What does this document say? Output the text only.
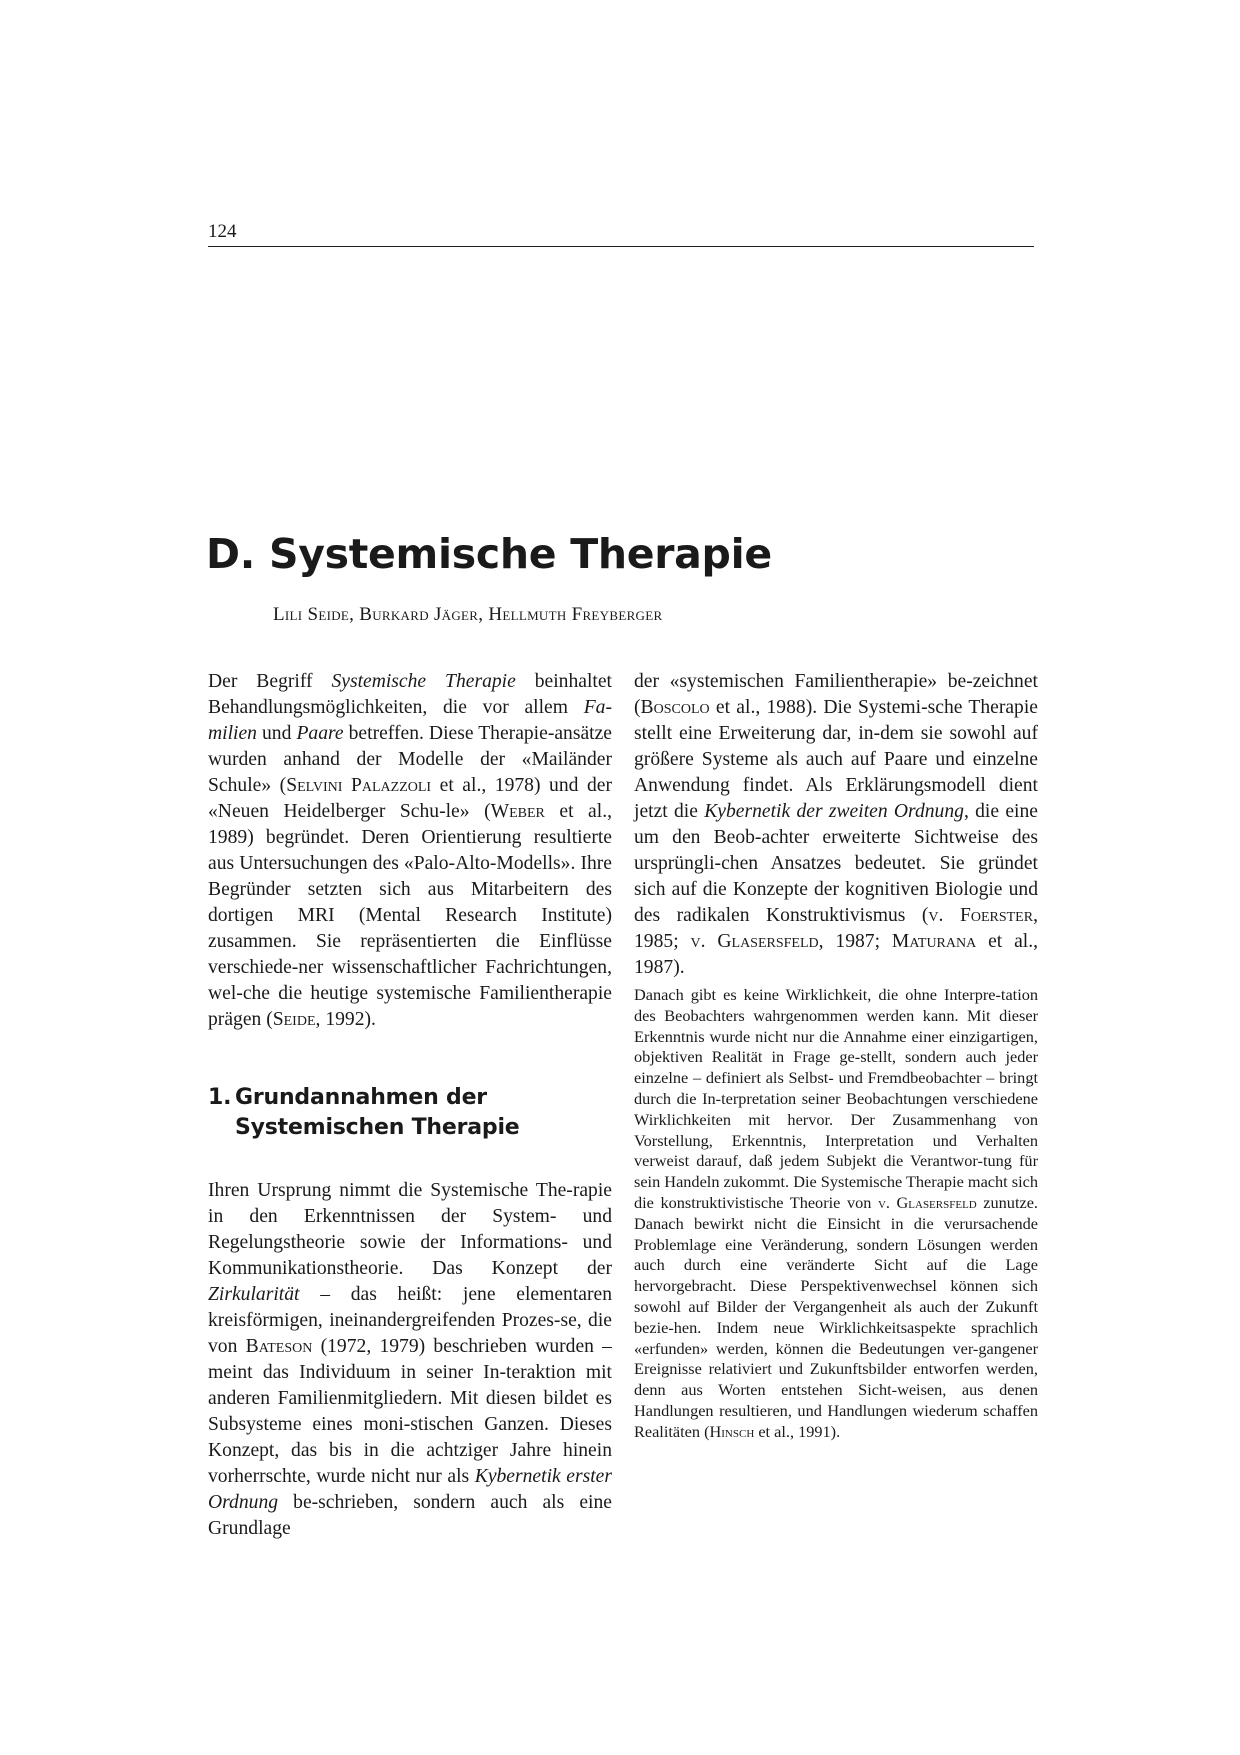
124
D. Systemische Therapie
Lili Seide, Burkard Jäger, Hellmuth Freyberger

Der Begriff Systemische Therapie beinhaltet Behandlungsmöglichkeiten, die vor allem Fa-milien und Paare betreffen. Diese Therapie-ansätze wurden anhand der Modelle der «Mailänder Schule» (Selvini Palazzoli et al., 1978) und der «Neuen Heidelberger Schu-le» (Weber et al., 1989) begründet. Deren Orientierung resultierte aus Untersuchungen des «Palo-Alto-Modells». Ihre Begründer setzten sich aus Mitarbeitern des dortigen MRI (Mental Research Institute) zusammen. Sie repräsentierten die Einflüsse verschiede-ner wissenschaftlicher Fachrichtungen, wel-che die heutige systemische Familientherapie prägen (Seide, 1992).

1. Grundannahmen der
Systemischen Therapie

Ihren Ursprung nimmt die Systemische The-rapie in den Erkenntnissen der System- und Regelungstheorie sowie der Informations- und Kommunikationstheorie. Das Konzept der Zirkularität – das heißt: jene elementaren kreisförmigen, ineinandergreifenden Prozes-se, die von Bateson (1972, 1979) beschrieben wurden – meint das Individuum in seiner In-teraktion mit anderen Familienmitgliedern. Mit diesen bildet es Subsysteme eines moni-stischen Ganzen. Dieses Konzept, das bis in die achtziger Jahre hinein vorherrschte, wurde nicht nur als Kybernetik erster Ordnung be-schrieben, sondern auch als eine Grundlage

der «systemischen Familientherapie» be-zeichnet (Boscolo et al., 1988). Die Systemi-sche Therapie stellt eine Erweiterung dar, in-dem sie sowohl auf größere Systeme als auch auf Paare und einzelne Anwendung findet. Als Erklärungsmodell dient jetzt die Kybernetik der zweiten Ordnung, die eine um den Beob-achter erweiterte Sichtweise des ursprüngli-chen Ansatzes bedeutet. Sie gründet sich auf die Konzepte der kognitiven Biologie und des radikalen Konstruktivismus (v. Foerster, 1985; v. Glasersfeld, 1987; Maturana et al., 1987).

Danach gibt es keine Wirklichkeit, die ohne Interpre-tation des Beobachters wahrgenommen werden kann. Mit dieser Erkenntnis wurde nicht nur die Annahme einer einzigartigen, objektiven Realität in Frage ge-stellt, sondern auch jeder einzelne – definiert als Selbst- und Fremdbeobachter – bringt durch die In-terpretation seiner Beobachtungen verschiedene Wirklichkeiten mit hervor. Der Zusammenhang von Vorstellung, Erkenntnis, Interpretation und Verhalten verweist darauf, daß jedem Subjekt die Verantwor-tung für sein Handeln zukommt. Die Systemische Therapie macht sich die konstruktivistische Theorie von v. Glasersfeld zunutze. Danach bewirkt nicht die Einsicht in die verursachende Problemlage eine Veränderung, sondern Lösungen werden auch durch eine veränderte Sicht auf die Lage hervorgebracht. Diese Perspektivenwechsel können sich sowohl auf Bilder der Vergangenheit als auch der Zukunft bezie-hen. Indem neue Wirklichkeitsaspekte sprachlich «erfunden» werden, können die Bedeutungen ver-gangener Ereignisse relativiert und Zukunftsbilder entworfen werden, denn aus Worten entstehen Sicht-weisen, aus denen Handlungen resultieren, und Handlungen wiederum schaffen Realitäten (Hinsch et al., 1991).
